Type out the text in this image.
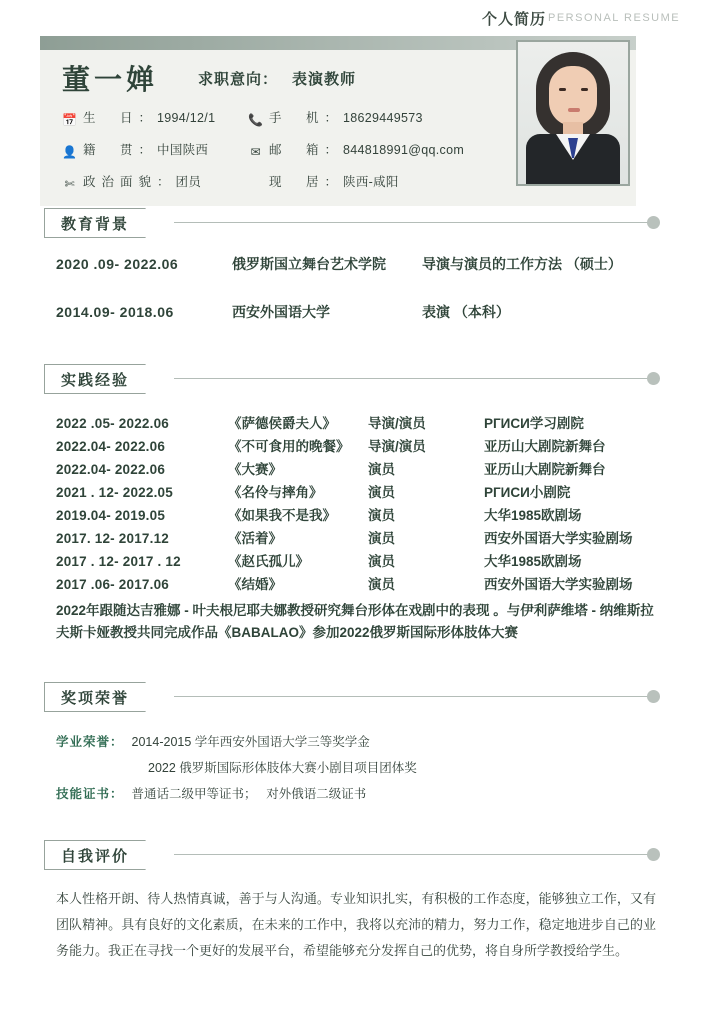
董一婵	求职意向： 表演教师
📅 生　日：1994/12/1	📞 手　机：18629449573
👤 籍　贯：中国陕西	✉ 邮　箱：844818991@qq.com
✄ 政治面貌：团员	现　居：陕西-咸阳
个人简历 PERSONAL RESUME
教育背景
2020 .09- 2022.06	俄罗斯国立舞台艺术学院	导演与演员的工作方法 （硕士）
2014.09- 2018.06	西安外国语大学	表演 （本科）
实践经验
2022 .05- 2022.06	《萨德侯爵夫人》 导演/演员	РГИСИ学习剧院
2022.04- 2022.06	《不可食用的晚餐》 导演/演员	亚历山大剧院新舞台
2022.04- 2022.06	《大赛》	演员	亚历山大剧院新舞台
2021 . 12- 2022.05	《名伶与摔角》	演员	РГИСИ小剧院
2019.04- 2019.05	《如果我不是我》 演员	大华1985欧剧场
2017. 12- 2017.12	《活着》	演员	西安外国语大学实验剧场
2017 . 12- 2017 . 12	《赵氏孤儿》	演员	大华1985欧剧场
2017 .06- 2017.06	《结婚》	演员	西安外国语大学实验剧场
2022年跟随达吉雅娜 - 叶夫根尼耶夫娜教授研究舞台形体在戏剧中的表现 。与伊利萨维塔 - 纳维斯拉夫斯卡娅教授共同完成作品《BABALAO》参加2022俄罗斯国际形体肢体大赛
奖项荣誉
学业荣誉： 2014-2015 学年西安外国语大学三等奖学金
2022 俄罗斯国际形体肢体大赛小剧目项目团体奖
技能证书： 普通话二级甲等证书；　 对外俄语二级证书
自我评价
本人性格开朗、待人热情真诚，善于与人沟通。专业知识扎实，有积极的工作态度，能够独立工作，又有团队精神。具有良好的文化素质，在未来的工作中，我将以充沛的精力，努力工作，稳定地进步自己的业务能力。我正在寻找一个更好的发展平台，希望能够充分发挥自己的优势，将自身所学教授给学生。
